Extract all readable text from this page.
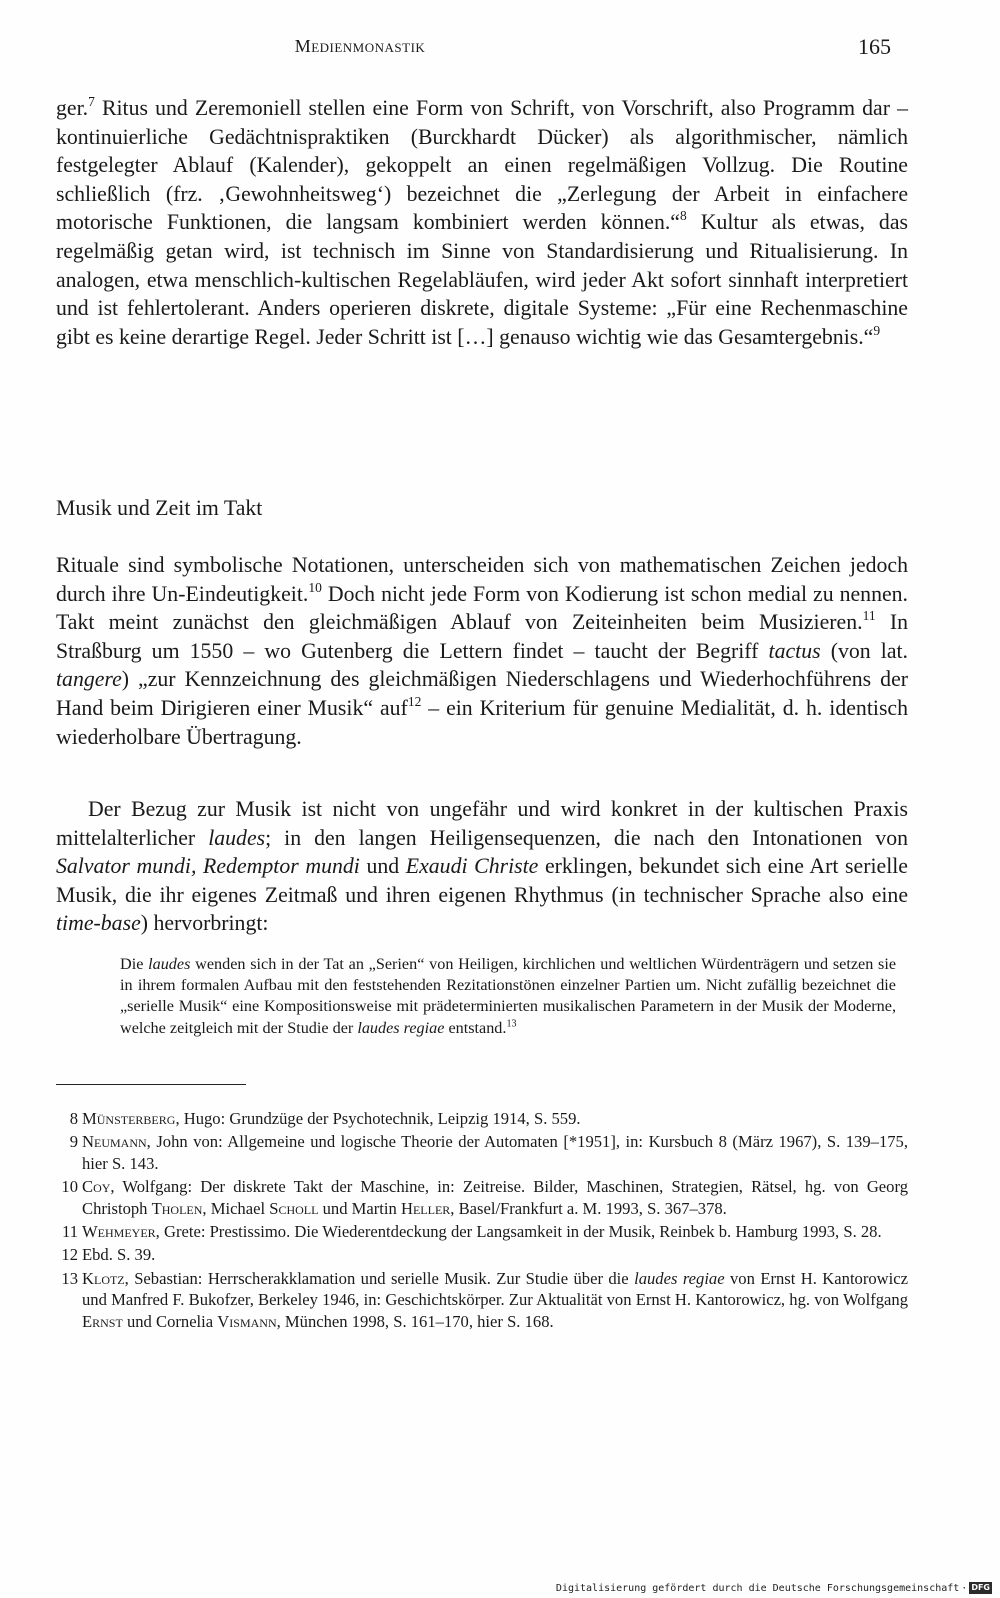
Medienmonastik	165

ger.$^7$ Ritus und Zeremoniell stellen eine Form von Schrift, von Vorschrift, also Programm dar – kontinuierliche Gedächtnispraktiken (Burckhardt Dücker) als algorithmischer, nämlich festgelegter Ablauf (Kalender), gekoppelt an einen regelmäßigen Vollzug. Die Routine schließlich (frz. ‚Gewohnheitsweg‘) bezeichnet die „Zerlegung der Arbeit in einfachere motorische Funktionen, die langsam kombiniert werden können.“$^8$ Kultur als etwas, das regelmäßig getan wird, ist technisch im Sinne von Standardisierung und Ritualisierung. In analogen, etwa menschlich-kultischen Regelabläufen, wird jeder Akt sofort sinnhaft interpretiert und ist fehlertolerant. Anders operieren diskrete, digitale Systeme: „Für eine Rechenmaschine gibt es keine derartige Regel. Jeder Schritt ist […] genauso wichtig wie das Gesamtergebnis.“$^9$

Musik und Zeit im Takt

Rituale sind symbolische Notationen, unterscheiden sich von mathematischen Zeichen jedoch durch ihre Un-Eindeutigkeit.$^{10}$ Doch nicht jede Form von Kodierung ist schon medial zu nennen. Takt meint zunächst den gleichmäßigen Ablauf von Zeiteinheiten beim Musizieren.$^{11}$ In Straßburg um 1550 – wo Gutenberg die Lettern findet – taucht der Begriff tactus (von lat. tangere) „zur Kennzeichnung des gleichmäßigen Niederschlagens und Wiederhochführens der Hand beim Dirigieren einer Musik“ auf$^{12}$ – ein Kriterium für genuine Medialität, d. h. identisch wiederholbare Übertragung.

Der Bezug zur Musik ist nicht von ungefähr und wird konkret in der kultischen Praxis mittelalterlicher laudes; in den langen Heiligensequenzen, die nach den Intonationen von Salvator mundi, Redemptor mundi und Exaudi Christe erklingen, bekundet sich eine Art serielle Musik, die ihr eigenes Zeitmaß und ihren eigenen Rhythmus (in technischer Sprache also eine time-base) hervorbringt:

Die laudes wenden sich in der Tat an „Serien“ von Heiligen, kirchlichen und weltlichen Würdenträgern und setzen sie in ihrem formalen Aufbau mit den feststehenden Rezitationstönen einzelner Partien um. Nicht zufällig bezeichnet die „serielle Musik“ eine Kompositionsweise mit prädeterminierten musikalischen Parametern in der Musik der Moderne, welche zeitgleich mit der Studie der laudes regiae entstand.$^{13}$

8 Münsterberg, Hugo: Grundzüge der Psychotechnik, Leipzig 1914, S. 559.

9 Neumann, John von: Allgemeine und logische Theorie der Automaten [*1951], in: Kursbuch 8 (März 1967), S. 139–175, hier S. 143.

10 Coy, Wolfgang: Der diskrete Takt der Maschine, in: Zeitreise. Bilder, Maschinen, Strategien, Rätsel, hg. von Georg Christoph Tholen, Michael Scholl und Martin Heller, Basel/Frankfurt a. M. 1993, S. 367–378.

11 Wehmeyer, Grete: Prestissimo. Die Wiederentdeckung der Langsamkeit in der Musik, Reinbek b. Hamburg 1993, S. 28.

12 Ebd. S. 39.

13 Klotz, Sebastian: Herrscherakklamation und serielle Musik. Zur Studie über die laudes regiae von Ernst H. Kantorowicz und Manfred F. Bukofzer, Berkeley 1946, in: Geschichtskörper. Zur Aktualität von Ernst H. Kantorowicz, hg. von Wolfgang Ernst und Cornelia Vismann, München 1998, S. 161–170, hier S. 168.

Digitalisierung gefördert durch die Deutsche Forschungsgemeinschaft · DFG
